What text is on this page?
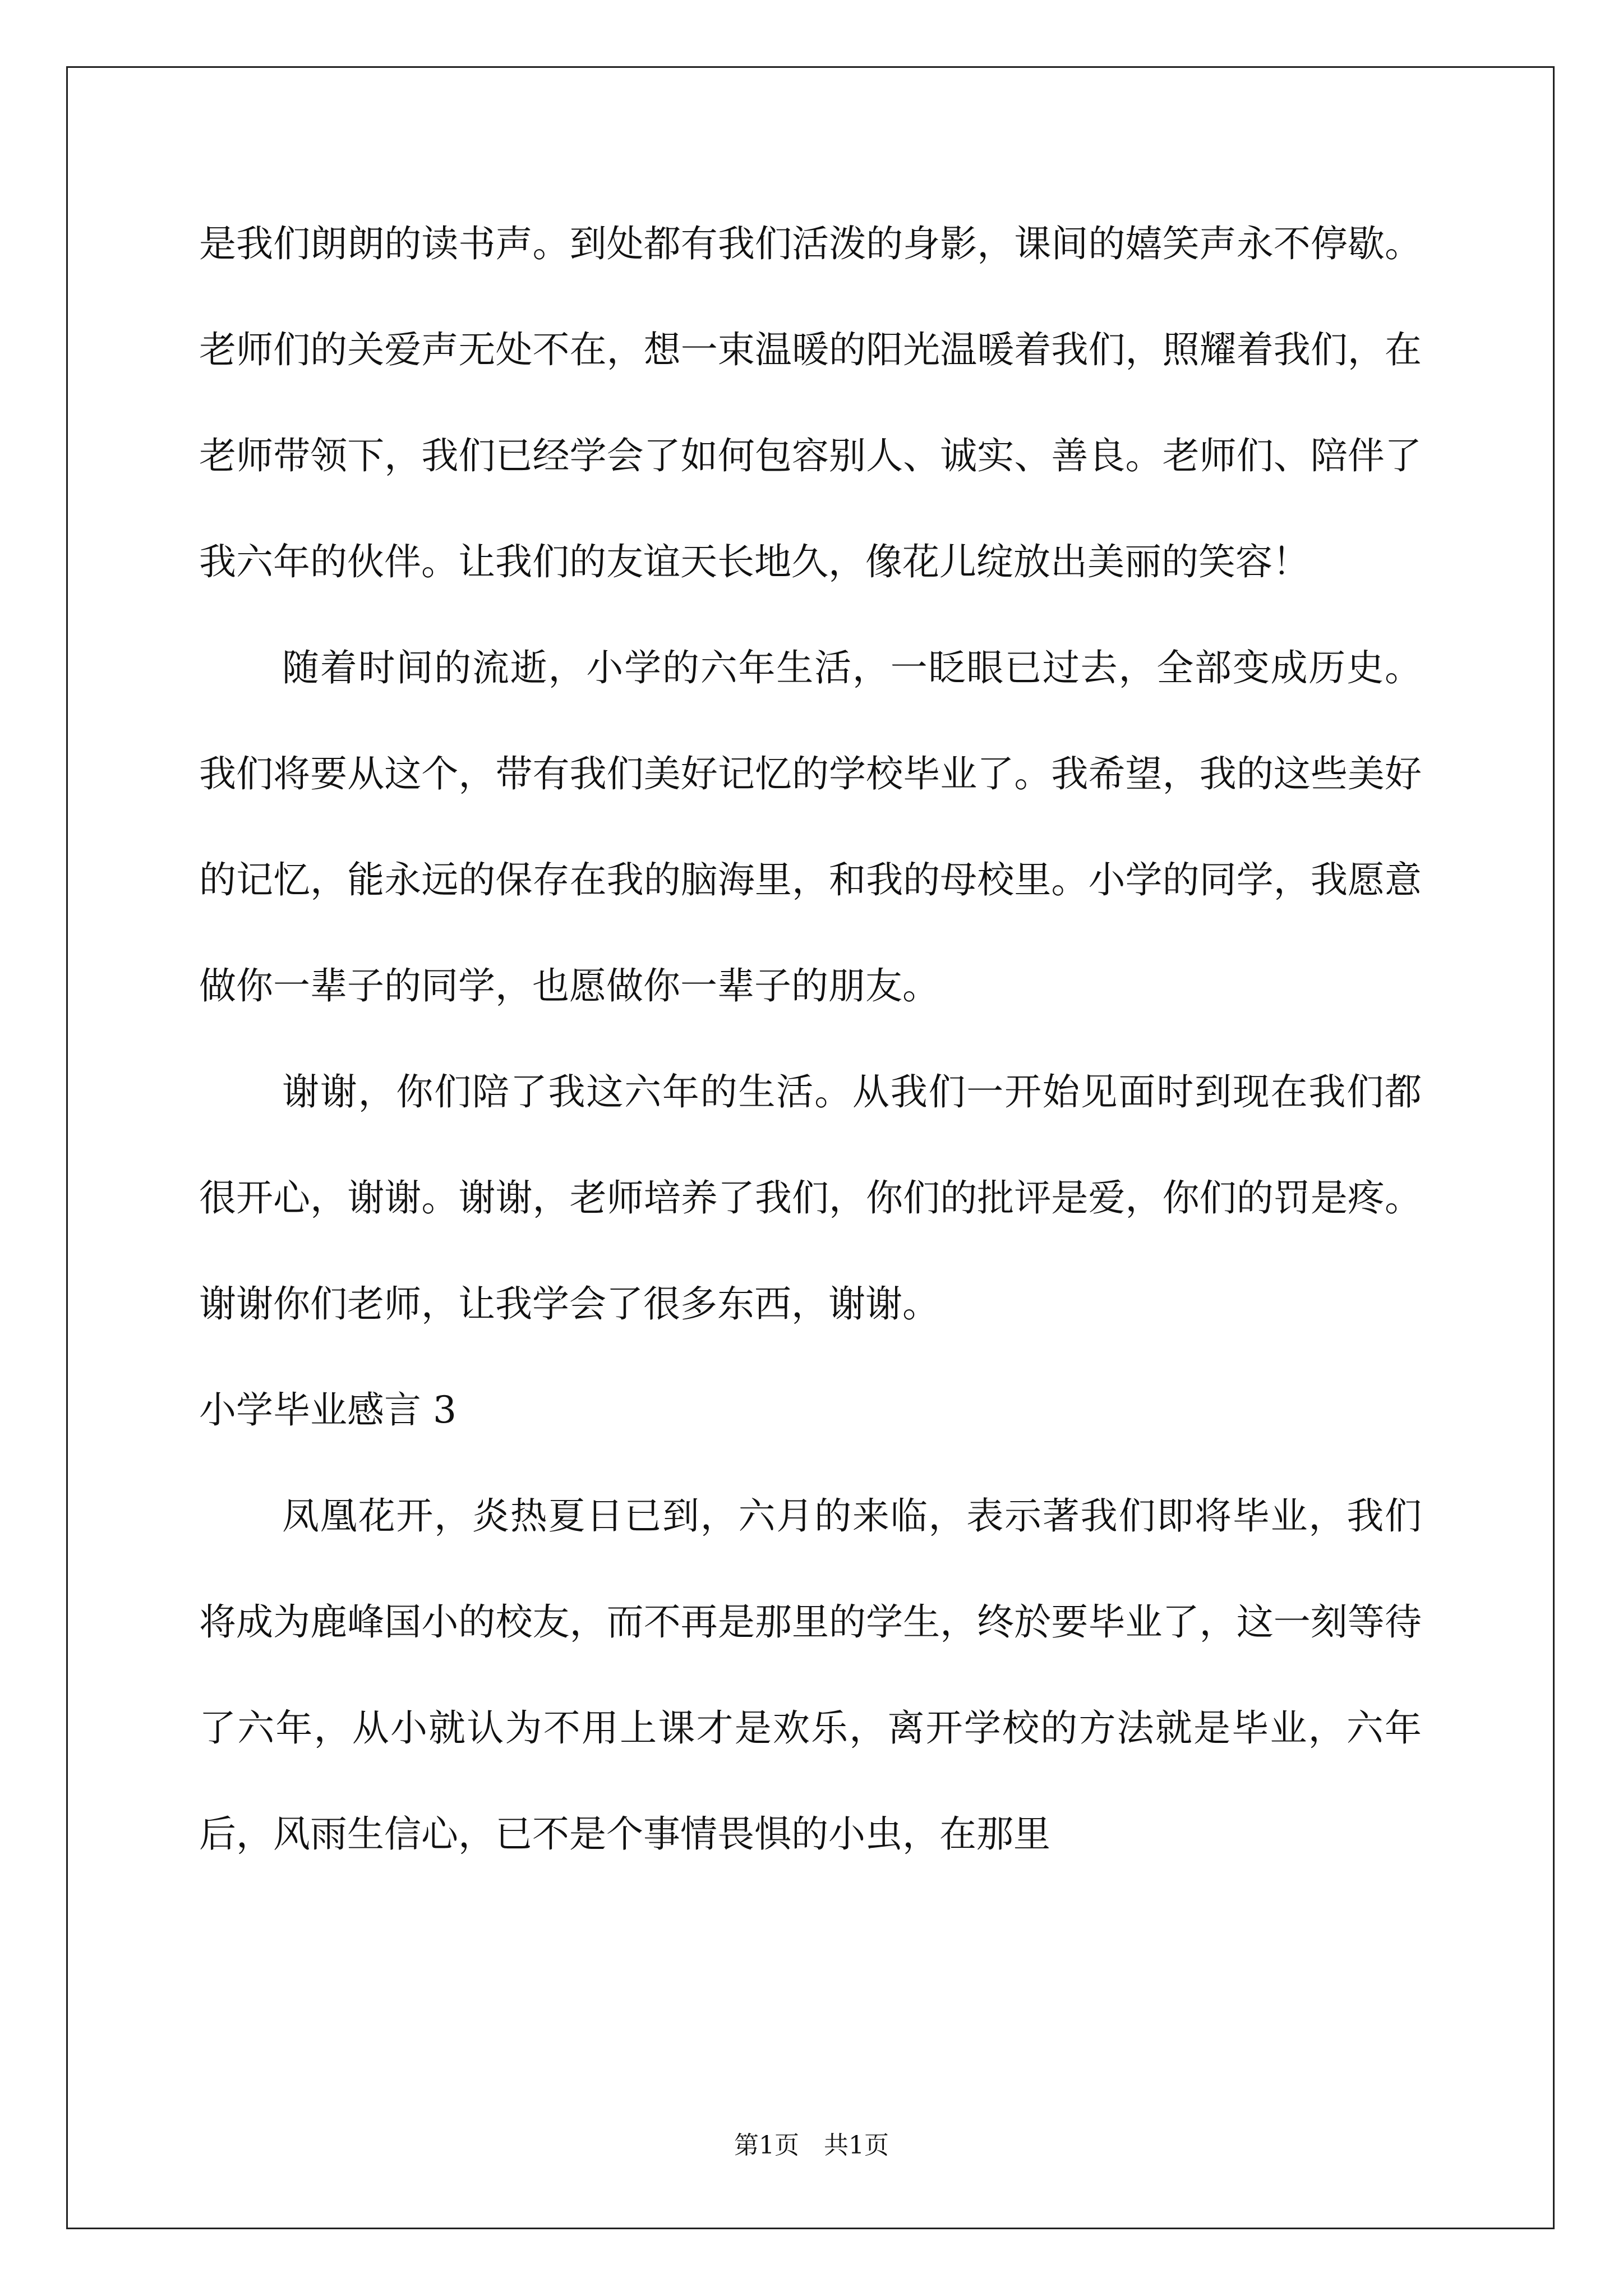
是我们朗朗的读书声。到处都有我们活泼的身影，课间的嬉笑声永不停歇。老师们的关爱声无处不在，想一束温暖的阳光温暖着我们，照耀着我们，在老师带领下，我们已经学会了如何包容别人、诚实、善良。老师们、陪伴了我六年的伙伴。让我们的友谊天长地久，像花儿绽放出美丽的笑容！

随着时间的流逝，小学的六年生活，一眨眼已过去，全部变成历史。我们将要从这个，带有我们美好记忆的学校毕业了。我希望，我的这些美好的记忆，能永远的保存在我的脑海里，和我的母校里。小学的同学，我愿意做你一辈子的同学，也愿做你一辈子的朋友。

谢谢，你们陪了我这六年的生活。从我们一开始见面时到现在我们都很开心，谢谢。谢谢，老师培养了我们，你们的批评是爱，你们的罚是疼。谢谢你们老师，让我学会了很多东西，谢谢。

小学毕业感言 3

凤凰花开，炎热夏日已到，六月的来临，表示著我们即将毕业，我们将成为鹿峰国小的校友，而不再是那里的学生，终於要毕业了，这一刻等待了六年，从小就认为不用上课才是欢乐，离开学校的方法就是毕业，六年后，风雨生信心，已不是个事情畏惧的小虫，在那里

第1页　共1页
